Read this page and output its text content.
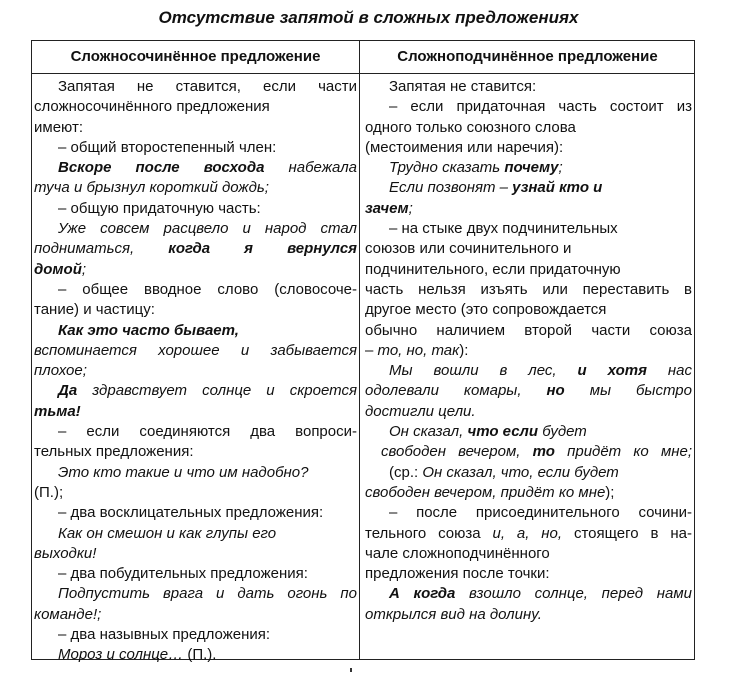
Отсутствие запятой в сложных предложениях
Сложносочинённое предложение	Сложноподчинённое предложение
Запятая не ставится, если части
сложносочинённого предложения
имеют:
– общий второстепенный член:
Вскоре после восхода набежала
туча и брызнул короткий дождь;
– общую придаточную часть:
Уже совсем расцвело и народ стал
подниматься, когда я вернулся
домой;
– общее вводное слово (словосоче-
тание) и частицу:
Как это часто бывает,
вспоминается хорошее и забывается
плохое;
Да здравствует солнце и скроется
тьма!
– если соединяются два вопроси-
тельных предложения:
Это кто такие и что им надобно?
(П.);
– два восклицательных предложения:
Как он смешон и как глупы его
выходки!
– два побудительных предложения:
Подпустить врага и дать огонь по
команде!;
– два назывных предложения:
Мороз и солнце… (П.).
Запятая не ставится:
– если придаточная часть состоит из
одного только союзного слова
(местоимения или наречия):
Трудно сказать почему;
Если позвонят – узнай кто и
зачем;
– на стыке двух подчинительных
союзов или сочинительного и
подчинительного, если придаточную
часть нельзя изъять или переставить в
другое место (это сопровождается
обычно наличием второй части союза
– то, но, так):
Мы вошли в лес, и хотя нас
одолевали комары, но мы быстро
достигли цели.
Он сказал, что если будет
свободен вечером, то придёт ко мне;
(ср.: Он сказал, что, если будет
свободен вечером, придёт ко мне);
– после присоединительного сочини-
тельного союза и, а, но, стоящего в на-
чале сложноподчинённого
предложения после точки:
А когда взошло солнце, перед нами
открылся вид на долину.
